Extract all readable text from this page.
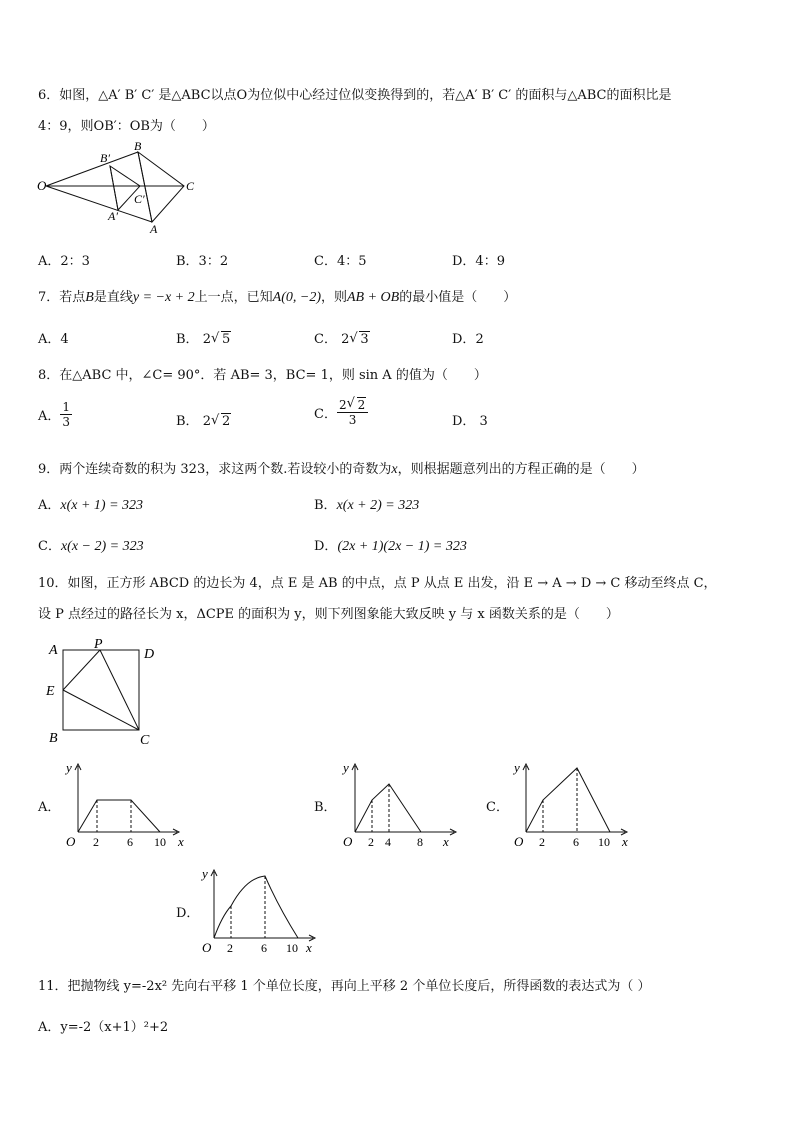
6．如图，△A′ B′ C′ 是△ABC以点O为位似中心经过位似变换得到的，若△A′ B′ C′ 的面积与△ABC的面积比是
4：9，则OB′：OB为（　　）
O
B′
B
C
C′
A′
A
A．2：3	B．3：2	C．4：5	D．4：9
7．若点B是直线y = −x + 2上一点，已知A(0, −2)，则AB + OB的最小值是（　　）
A．4	B． 2 √ 5	C． 2 √ 3	D．2
8．在△ABC 中，∠C= 90°．若 AB= 3，BC= 1，则 sin A 的值为（　　）
A． $\frac{1}{3}$	B． 2 √ 2	C． $\frac{2 √ 2}{3}$	D． 3
9．两个连续奇数的积为 323，求这两个数.若设较小的奇数为x，则根据题意列出的方程正确的是（　　）
A．x(x + 1) = 323	B．x(x + 2) = 323
C．x(x − 2) = 323	D．(2x + 1)(2x − 1) = 323
10．如图，正方形 ABCD 的边长为 4，点 E 是 AB 的中点，点 P 从点 E 出发，沿 E → A → D → C 移动至终点 C，
设 P 点经过的路径长为 x，ΔCPE 的面积为 y，则下列图象能大致反映 y 与 x 函数关系的是（　　）
A	P
D
E
B	C
A．
y
x
O 2 6 10
B．
y
x
O 2 4 8
C．
y
x
O 2 6 10
D．
y
x
O 2 6 10
11．把抛物线 y=-2x² 先向右平移 1 个单位长度，再向上平移 2 个单位长度后，所得函数的表达式为（ ）
A．y=-2（x+1）²+2
